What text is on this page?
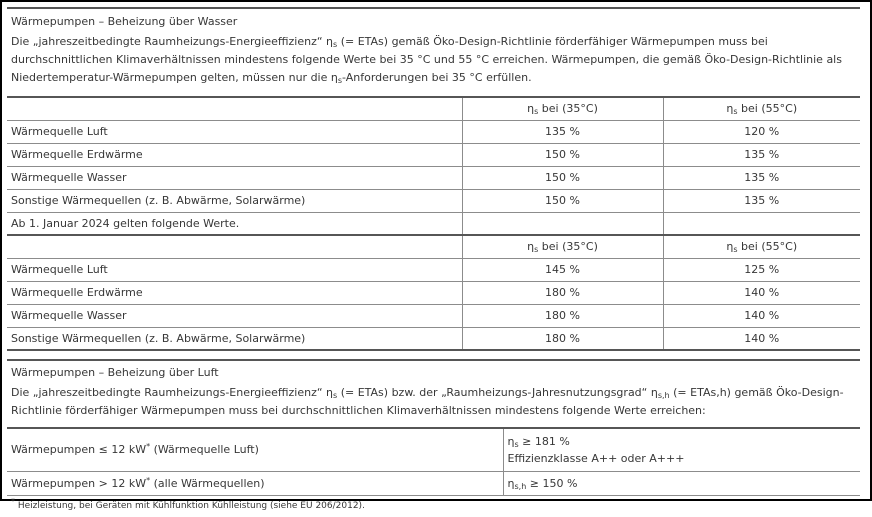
Wärmepumpen – Beheizung über Wasser		
Die „jahreszeitbedingte Raumheizungs-Energieeffizienz“ $\eta_s$ (= ETAs) gemäß Öko-Design-Richtlinie förderfähiger Wärmepumpen muss bei durchschnittlichen Klimaverhältnissen mindestens folgende Werte bei 35 °C und 55 °C erreichen. Wärmepumpen, die gemäß Öko-Design-Richtlinie als Niedertemperatur-Wärmepumpen gelten, müssen nur die $\eta_s$-Anforderungen bei 35 °C erfüllen.		
	$\eta_s$ bei (35°C)	$\eta_s$ bei (55°C)
Wärmequelle Luft	135 %	120 %
Wärmequelle Erdwärme	150 %	135 %
Wärmequelle Wasser	150 %	135 %
Sonstige Wärmequellen (z. B. Abwärme, Solarwärme)	150 %	135 %
Ab 1. Januar 2024 gelten folgende Werte.		
	$\eta_s$ bei (35°C)	$\eta_s$ bei (55°C)
Wärmequelle Luft	145 %	125 %
Wärmequelle Erdwärme	180 %	140 %
Wärmequelle Wasser	180 %	140 %
Sonstige Wärmequellen (z. B. Abwärme, Solarwärme)	180 %	140 %
Wärmepumpen – Beheizung über Luft	
Die „jahreszeitbedingte Raumheizungs-Energieeffizienz“ $\eta_s$ (= ETAs) bzw. der „Raumheizungs-Jahresnutzungsgrad“ $\eta_{s,h}$ (= ETAs,h) gemäß Öko-Design-Richtlinie förderfähiger Wärmepumpen muss bei durchschnittlichen Klimaverhältnissen mindestens folgende Werte erreichen:	
Wärmepumpen ≤ 12 kW* (Wärmequelle Luft)	$\eta_s \ge 181$ %
Effizienzklasse A++ oder A+++

Wärmepumpen > 12 kW* (alle Wärmequellen)	$\eta_{s,h} \ge 150$ %

* Heizleistung, bei Geräten mit Kühlfunktion Kühlleistung (siehe EU 206/2012).	
